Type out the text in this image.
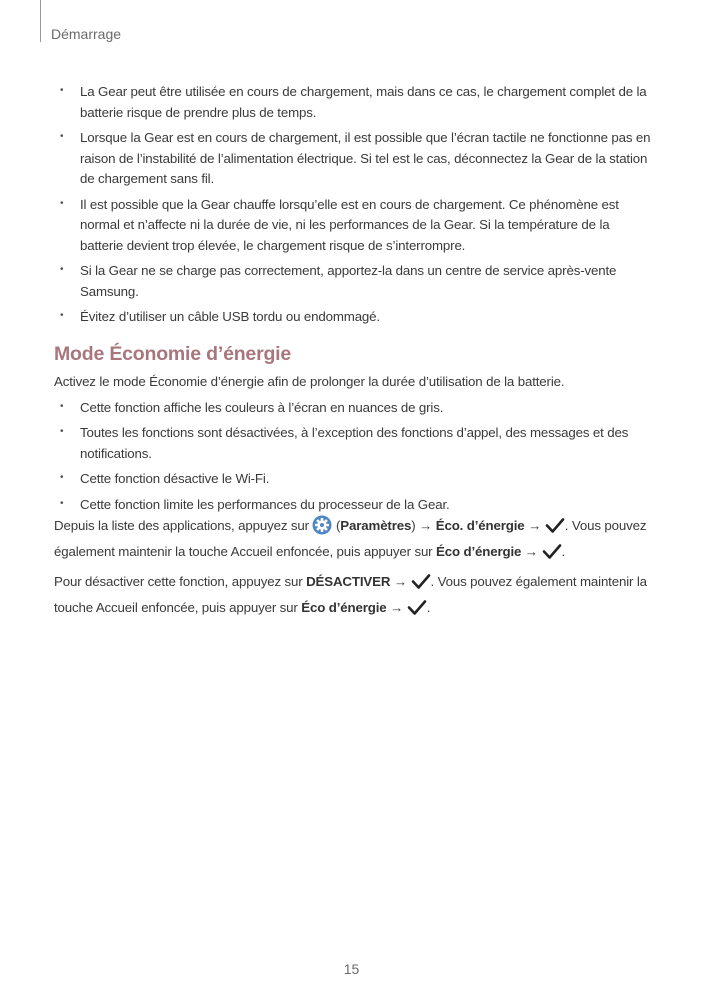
Démarrage
• La Gear peut être utilisée en cours de chargement, mais dans ce cas, le chargement complet de la batterie risque de prendre plus de temps.
• Lorsque la Gear est en cours de chargement, il est possible que l’écran tactile ne fonctionne pas en raison de l’instabilité de l’alimentation électrique. Si tel est le cas, déconnectez la Gear de la station de chargement sans fil.
• Il est possible que la Gear chauffe lorsqu’elle est en cours de chargement. Ce phénomène est normal et n’affecte ni la durée de vie, ni les performances de la Gear. Si la température de la batterie devient trop élevée, le chargement risque de s’interrompre.
• Si la Gear ne se charge pas correctement, apportez-la dans un centre de service après-vente Samsung.
• Évitez d’utiliser un câble USB tordu ou endommagé.
Mode Économie d’énergie

Activez le mode Économie d’énergie afin de prolonger la durée d’utilisation de la batterie.

• Cette fonction affiche les couleurs à l’écran en nuances de gris.
• Toutes les fonctions sont désactivées, à l’exception des fonctions d’appel, des messages et des notifications.
• Cette fonction désactive le Wi-Fi.
• Cette fonction limite les performances du processeur de la Gear.

Depuis la liste des applications, appuyez sur  (Paramètres) → Éco. d’énergie → . Vous pouvez également maintenir la touche Accueil enfoncée, puis appuyer sur Éco d’énergie → .

Pour désactiver cette fonction, appuyez sur DÉSACTIVER → . Vous pouvez également maintenir la touche Accueil enfoncée, puis appuyer sur Éco d’énergie → .

15
